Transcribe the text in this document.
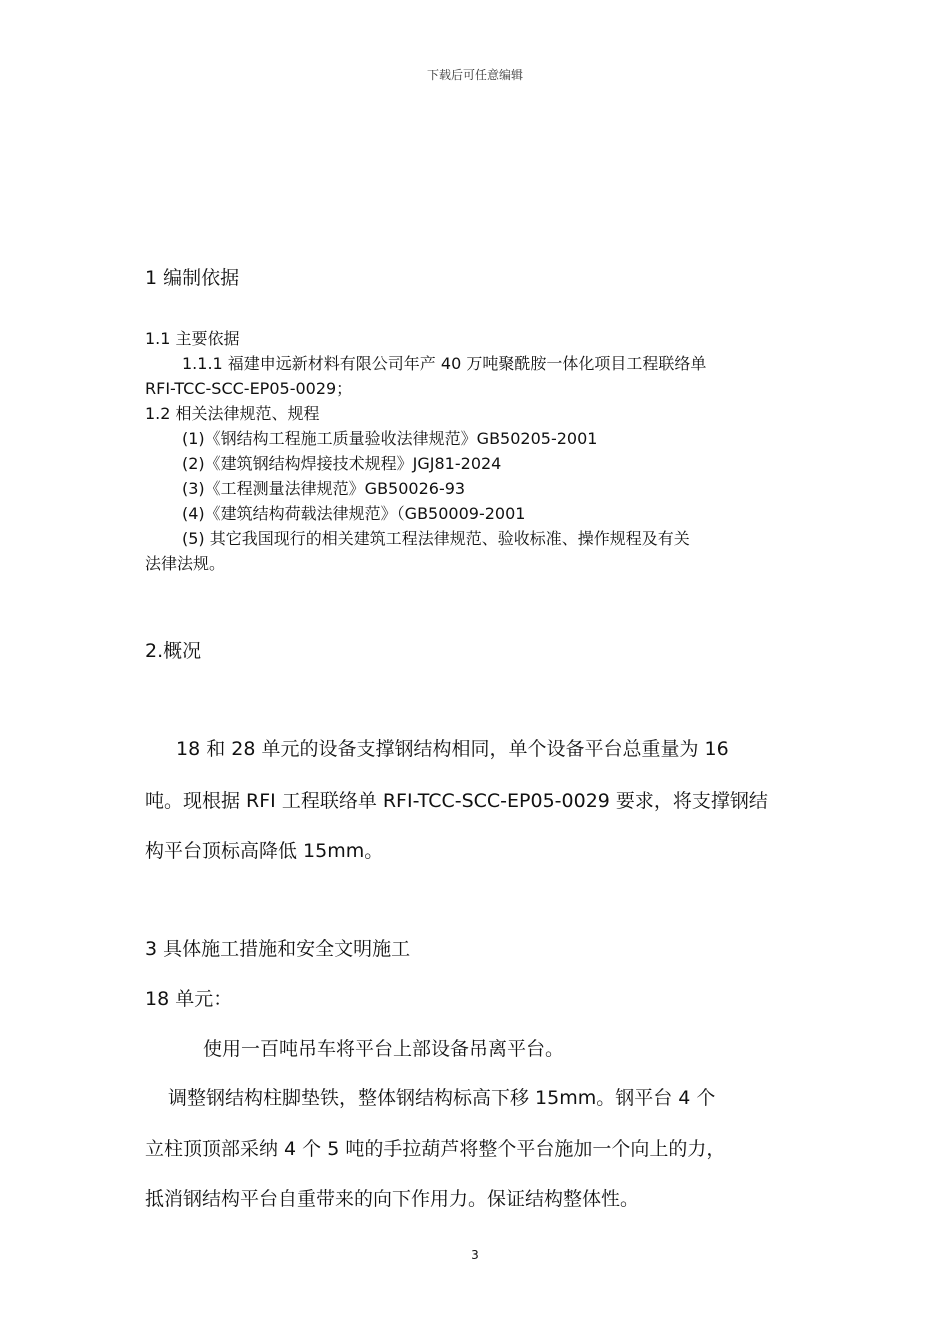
下载后可任意编辑
1 编制依据
1.1 主要依据
1.1.1 福建申远新材料有限公司年产 40 万吨聚酰胺一体化项目工程联络单
RFI-TCC-SCC-EP05-0029；
1.2 相关法律规范、规程
(1)《钢结构工程施工质量验收法律规范》GB50205-2001
(2)《建筑钢结构焊接技术规程》JGJ81-2024
(3)《工程测量法律规范》GB50026-93
(4)《建筑结构荷载法律规范》（GB50009-2001
(5) 其它我国现行的相关建筑工程法律规范、验收标准、操作规程及有关
法律法规。
2.概况
18 和 28 单元的设备支撑钢结构相同，单个设备平台总重量为 16
吨。现根据 RFI 工程联络单 RFI-TCC-SCC-EP05-0029 要求，将支撑钢结
构平台顶标高降低 15mm。
3 具体施工措施和安全文明施工
18 单元：
使用一百吨吊车将平台上部设备吊离平台。
调整钢结构柱脚垫铁，整体钢结构标高下移 15mm。钢平台 4 个
立柱顶顶部采纳 4 个 5 吨的手拉葫芦将整个平台施加一个向上的力，
抵消钢结构平台自重带来的向下作用力。保证结构整体性。
3
